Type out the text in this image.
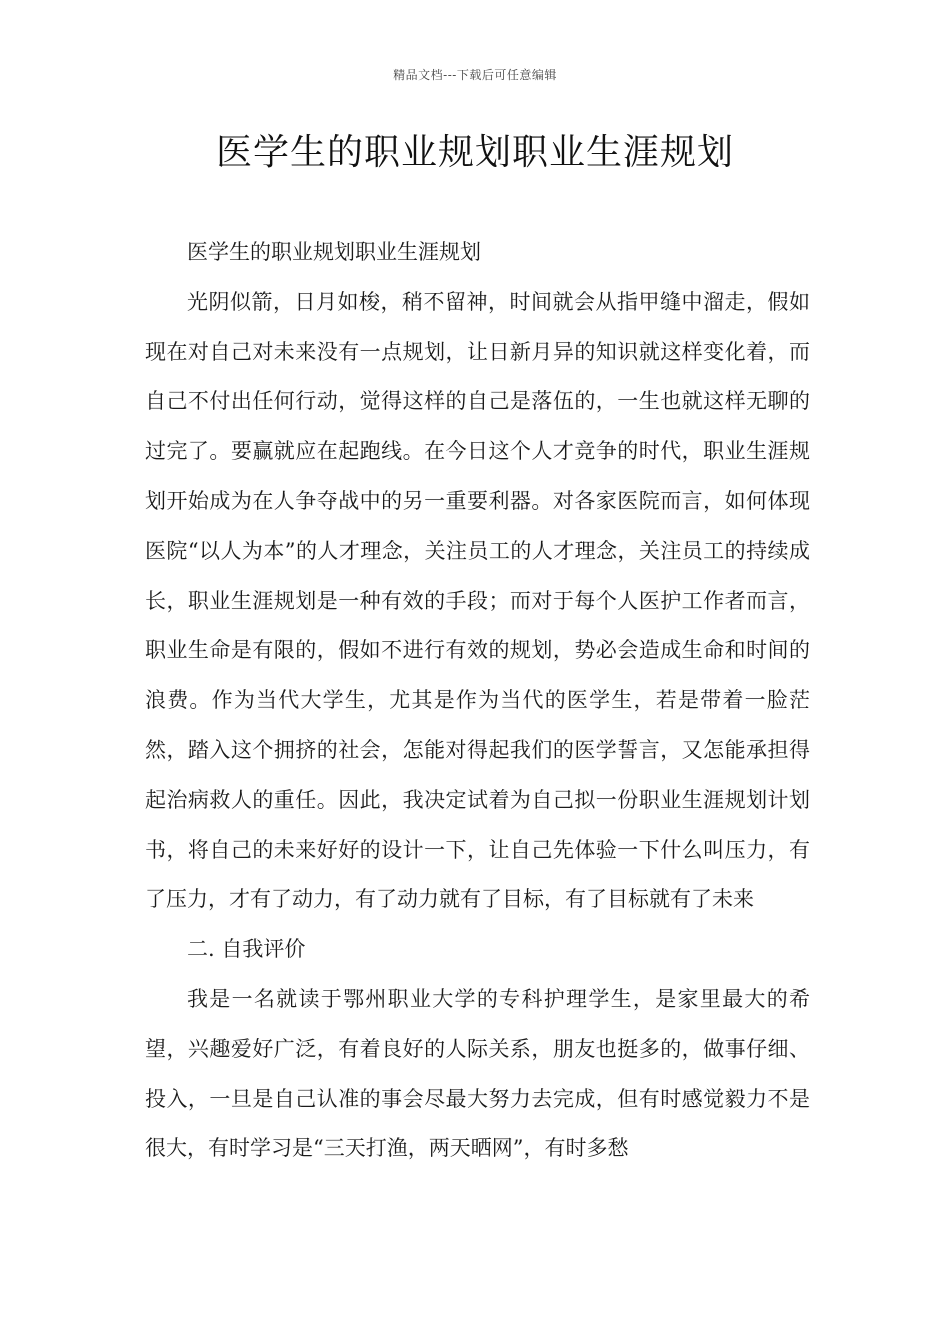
精品文档---下载后可任意编辑
医学生的职业规划职业生涯规划

医学生的职业规划职业生涯规划

光阴似箭，日月如梭，稍不留神，时间就会从指甲缝中溜走，假如现在对自己对未来没有一点规划，让日新月异的知识就这样变化着，而自己不付出任何行动，觉得这样的自己是落伍的，一生也就这样无聊的过完了。要赢就应在起跑线。在今日这个人才竞争的时代，职业生涯规划开始成为在人争夺战中的另一重要利器。对各家医院而言，如何体现医院“以人为本”的人才理念，关注员工的人才理念，关注员工的持续成长，职业生涯规划是一种有效的手段；而对于每个人医护工作者而言，职业生命是有限的，假如不进行有效的规划，势必会造成生命和时间的浪费。作为当代大学生，尤其是作为当代的医学生，若是带着一脸茫然，踏入这个拥挤的社会，怎能对得起我们的医学誓言，又怎能承担得起治病救人的重任。因此，我决定试着为自己拟一份职业生涯规划计划书，将自己的未来好好的设计一下，让自己先体验一下什么叫压力，有了压力，才有了动力，有了动力就有了目标，有了目标就有了未来

二. 自我评价

我是一名就读于鄂州职业大学的专科护理学生，是家里最大的希望，兴趣爱好广泛，有着良好的人际关系，朋友也挺多的，做事仔细、投入，一旦是自己认准的事会尽最大努力去完成，但有时感觉毅力不是很大，有时学习是“三天打渔，两天晒网”，有时多愁
